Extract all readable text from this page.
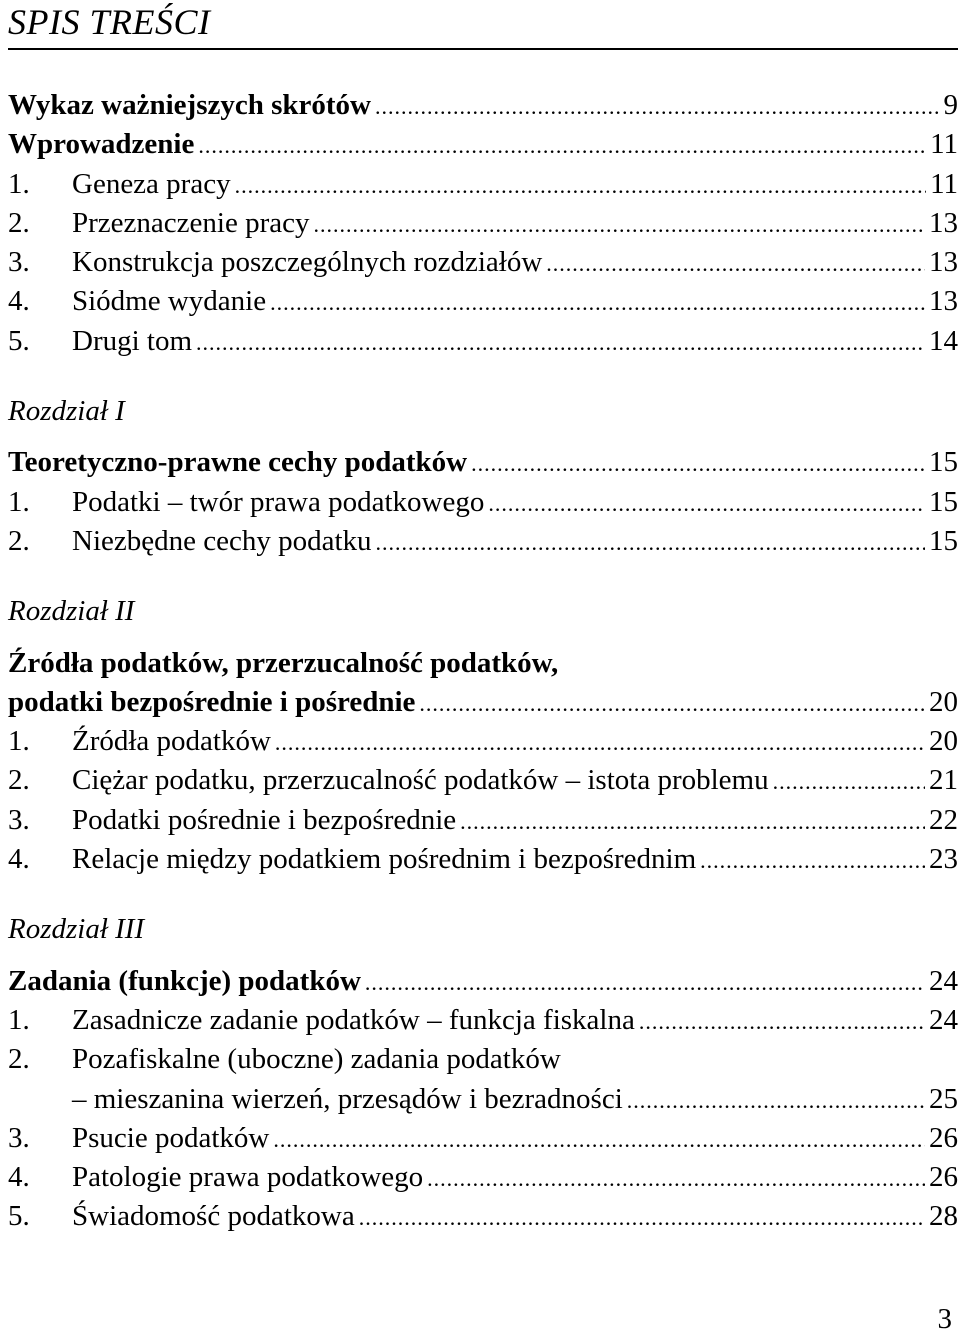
SPIS TREŚCI
Wykaz ważniejszych skrótów .....	9
Wprowadzenie .....	11
1.	Geneza pracy .....	11
2.	Przeznaczenie pracy .....	13
3.	Konstrukcja poszczególnych rozdziałów .....	13
4.	Siódme wydanie .....	13
5.	Drugi tom .....	14
Rozdział I
Teoretyczno-prawne cechy podatków .....	15
1.	Podatki – twór prawa podatkowego .....	15
2.	Niezbędne cechy podatku .....	15
Rozdział II
Źródła podatków, przerzucalność podatków,
podatki bezpośrednie i pośrednie .....	20
1.	Źródła podatków .....	20
2.	Ciężar podatku, przerzucalność podatków – istota problemu .....	21
3.	Podatki pośrednie i bezpośrednie .....	22
4.	Relacje między podatkiem pośrednim i bezpośrednim .....	23
Rozdział III
Zadania (funkcje) podatków .....	24
1.	Zasadnicze zadanie podatków – funkcja fiskalna .....	24
2.	Pozafiskalne (uboczne) zadania podatków
– mieszanina wierzeń, przesądów i bezradności .....	25
3.	Psucie podatków .....	26
4.	Patologie prawa podatkowego .....	26
5.	Świadomość podatkowa .....	28
3
